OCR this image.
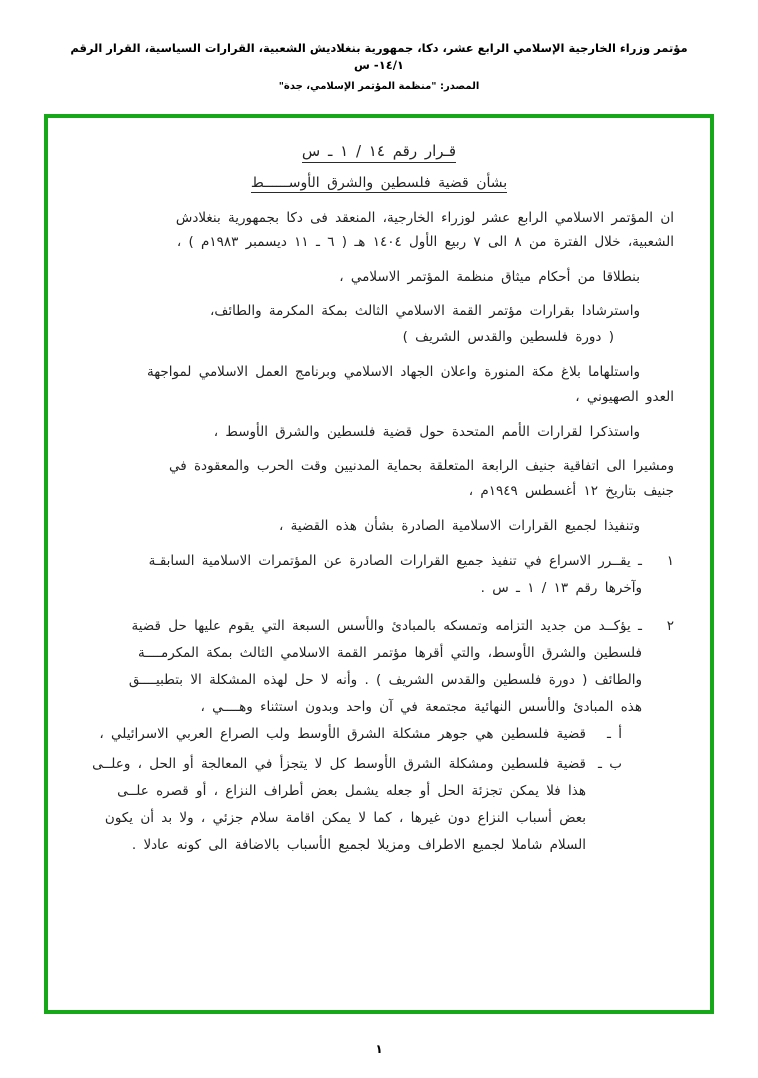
مؤتمر وزراء الخارجية الإسلامي الرابع عشر، دكا، جمهورية بنغلاديش الشعبية، القرارات السياسية، القرار الرقم ١٤/١- س
المصدر: "منظمة المؤتمر الإسلامي، جدة"
قـرار رقم ١٤ / ١ ـ س
بشأن قضية فلسطين والشرق الأوســــــط
ان المؤتمر الاسلامي الرابع عشر لوزراء الخارجية، المنعقد فى دكا بجمهورية بنغلادش
الشعبية، خلال الفترة من ٨ الى ٧ ربيع الأول ١٤٠٤ هـ ( ٦ ـ ١١ ديسمبر ١٩٨٣م ) ،
بنطلاقا من أحكام ميثاق منظمة المؤتمر الاسلامي ،
واسترشادا بقرارات مؤتمر القمة الاسلامي الثالث بمكة المكرمة والطائف،
( دورة فلسطين والقدس الشريف )
واستلهاما بلاغ مكة المنورة واعلان الجهاد الاسلامي وبرنامج العمل الاسلامي لمواجهة
العدو الصهيوني ،
واستذكرا لقرارات الأمم المتحدة حول قضية فلسطين والشرق الأوسط ،
ومشيرا الى اتفاقية جنيف الرابعة المتعلقة بحماية المدنيين وقت الحرب والمعقودة في
جنيف بتاريخ ١٢ أغسطس ١٩٤٩م ،
وتنفيذا لجميع القرارات الاسلامية الصادرة بشأن هذه القضية ،
١
ـ يقــرر الاسراع في تنفيذ جميع القرارات الصادرة عن المؤتمرات الاسلامية السابقـة
وآخرها رقم ١٣ / ١ ـ س .
٢
ـ يؤكــد من جديد التزامه وتمسكه بالمبادئ والأسس السبعة التي يقوم عليها حل قضية
فلسطين والشرق الأوسط، والتي أقرها مؤتمر القمة الاسلامي الثالث بمكة المكرمــــة
والطائف ( دورة فلسطين والقدس الشريف ) . وأنه لا حل لهذه المشكلة الا بتطبيــــق
هذه المبادئ والأسس النهائية مجتمعة في آن واحد وبدون استثناء وهــــي ،
أ ـ
قضية فلسطين هي جوهر مشكلة الشرق الأوسط ولب الصراع العربي الاسرائيلي ،
ب ـ
قضية فلسطين ومشكلة الشرق الأوسط كل لا يتجزأ في المعالجة أو الحل ، وعلــى
هذا فلا يمكن تجزئة الحل أو جعله يشمل بعض أطراف النزاع ، أو قصره علــى
بعض أسباب النزاع دون غيرها ، كما لا يمكن اقامة سلام جزئي ، ولا بد أن يكون
السلام شاملا لجميع الاطراف ومزيلا لجميع الأسباب بالاضافة الى كونه عادلا .
١
